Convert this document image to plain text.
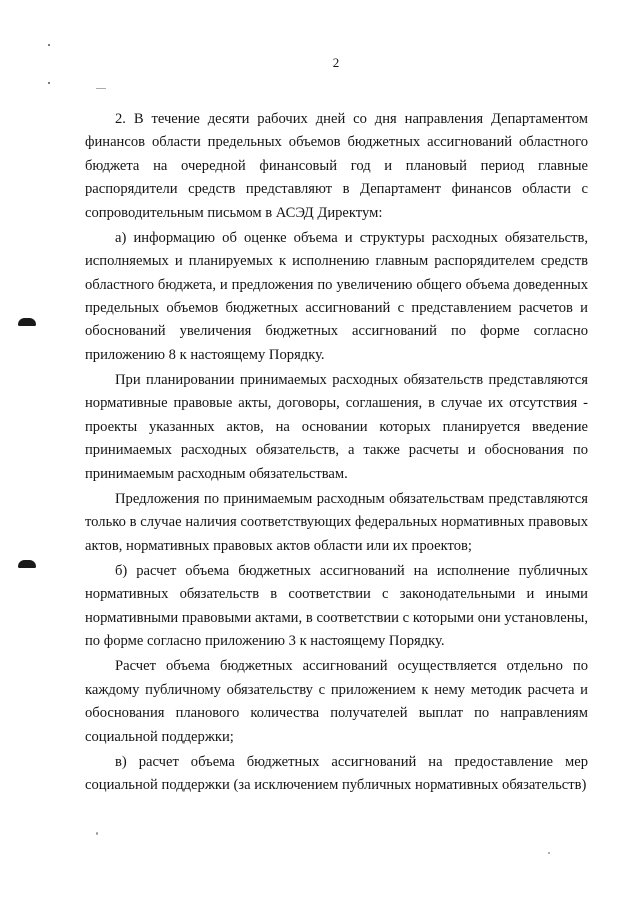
2

2. В течение десяти рабочих дней со дня направления Департаментом финансов области предельных объемов бюджетных ассигнований областного бюджета на очередной финансовый год и плановый период главные распорядители средств представляют в Департамент финансов области с сопроводительным письмом в АСЭД Директум:

а) информацию об оценке объема и структуры расходных обязательств, исполняемых и планируемых к исполнению главным распорядителем средств областного бюджета, и предложения по увеличению общего объема доведенных предельных объемов бюджетных ассигнований с представлением расчетов и обоснований увеличения бюджетных ассигнований по форме согласно приложению 8 к настоящему Порядку.

При планировании принимаемых расходных обязательств представляются нормативные правовые акты, договоры, соглашения, в случае их отсутствия - проекты указанных актов, на основании которых планируется введение принимаемых расходных обязательств, а также расчеты и обоснования по принимаемым расходным обязательствам.

Предложения по принимаемым расходным обязательствам представляются только в случае наличия соответствующих федеральных нормативных правовых актов, нормативных правовых актов области или их проектов;

б) расчет объема бюджетных ассигнований на исполнение публичных нормативных обязательств в соответствии с законодательными и иными нормативными правовыми актами, в соответствии с которыми они установлены, по форме согласно приложению 3 к настоящему Порядку.

Расчет объема бюджетных ассигнований осуществляется отдельно по каждому публичному обязательству с приложением к нему методик расчета и обоснования планового количества получателей выплат по направлениям социальной поддержки;

в) расчет объема бюджетных ассигнований на предоставление мер социальной поддержки (за исключением публичных нормативных обязательств)
